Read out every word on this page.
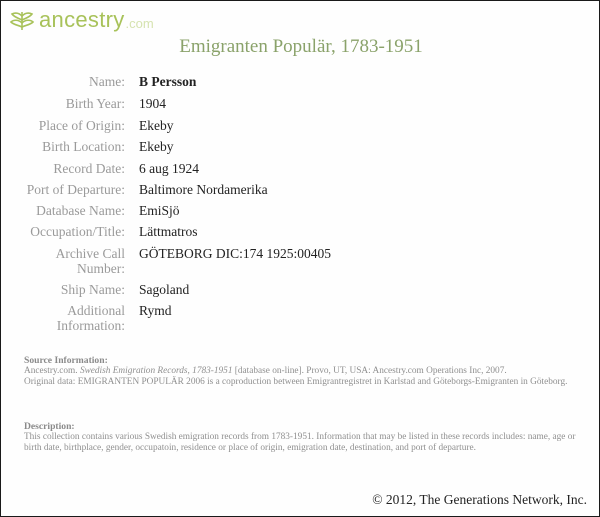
ancestry .com
Emigranten Populär, 1783-1951
Name: B Persson
Birth Year: 1904
Place of Origin: Ekeby
Birth Location: Ekeby
Record Date: 6 aug 1924
Port of Departure: Baltimore Nordamerika
Database Name: EmiSjö
Occupation/Title: Lättmatros
Archive Call
Number:
GÖTEBORG DIC:174 1925:00405
Ship Name: Sagoland
Additional
Information:
Rymd
Source Information:
Ancestry.com. Swedish Emigration Records, 1783-1951 [database on-line]. Provo, UT, USA: Ancestry.com Operations Inc, 2007.
Original data: EMIGRANTEN POPULÄR 2006 is a coproduction between Emigrantregistret in Karlstad and Göteborgs-Emigranten in Göteborg.
Description:
This collection contains various Swedish emigration records from 1783-1951. Information that may be listed in these records includes: name, age or birth date, birthplace, gender, occupatoin, residence or place of origin, emigration date, destination, and port of departure.
© 2012, The Generations Network, Inc.
